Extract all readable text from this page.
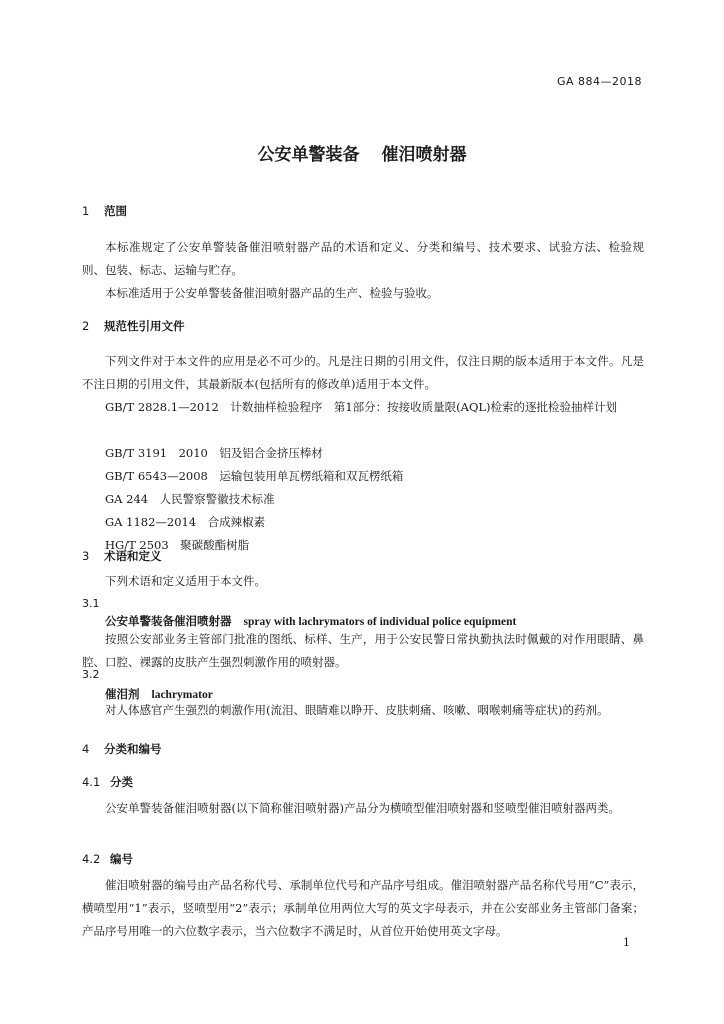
GA 884—2018
公安单警装备 催泪喷射器
1 范围
本标准规定了公安单警装备催泪喷射器产品的术语和定义、分类和编号、技术要求、试验方法、检验规则、包装、标志、运输与贮存。
本标准适用于公安单警装备催泪喷射器产品的生产、检验与验收。
2 规范性引用文件
下列文件对于本文件的应用是必不可少的。凡是注日期的引用文件，仅注日期的版本适用于本文件。凡是不注日期的引用文件，其最新版本(包括所有的修改单)适用于本文件。
GB/T 2828.1—2012　计数抽样检验程序　第1部分：按接收质量限(AQL)检索的逐批检验抽样计划
GB/T 3191　2010　铝及铝合金挤压棒材
GB/T 6543—2008　运输包装用单瓦楞纸箱和双瓦楞纸箱
GA 244　人民警察警徽技术标准
GA 1182—2014　合成辣椒素
HG/T 2503　聚碳酸酯树脂
3 术语和定义
下列术语和定义适用于本文件。
3.1
公安单警装备催泪喷射器 spray with lachrymators of individual police equipment
按照公安部业务主管部门批准的图纸、标样、生产，用于公安民警日常执勤执法时佩戴的对作用眼睛、鼻腔、口腔、裸露的皮肤产生强烈刺激作用的喷射器。
3.2
催泪剂 lachrymator
对人体感官产生强烈的刺激作用(流泪、眼睛难以睁开、皮肤刺痛、咳嗽、咽喉刺痛等症状)的药剂。
4 分类和编号
4.1 分类
公安单警装备催泪喷射器(以下简称催泪喷射器)产品分为横喷型催泪喷射器和竖喷型催泪喷射器两类。
4.2 编号
催泪喷射器的编号由产品名称代号、承制单位代号和产品序号组成。催泪喷射器产品名称代号用“C”表示，横喷型用“1”表示，竖喷型用“2”表示；承制单位用两位大写的英文字母表示，并在公安部业务主管部门备案；产品序号用唯一的六位数字表示，当六位数字不满足时，从首位开始使用英文字母。
1
